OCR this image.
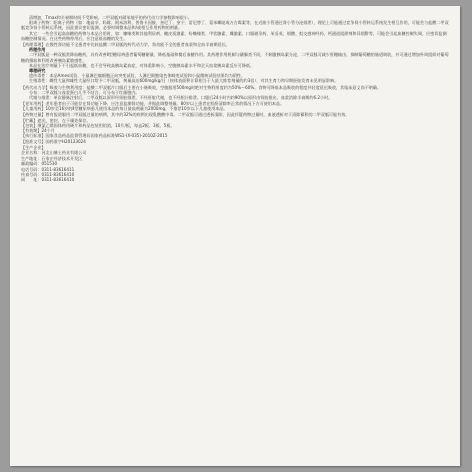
清增加，Tmax和半衰期时间不受影响，二甲双胍对硝苯地平的药代动力学参数影响很小。

阳离子药物：阳离子药物（如：地高辛、吗啡、阿米洛利、普鲁卡因胺、奎尼丁、奎宁、雷尼替丁、氨苯蝶啶或万古霉素等，在近曲小管通过肾小管分泌排泄），理论上可能通过竞争肾小管转运系统发生相互作用，可能会与盐酸二甲双胍竞争肾小管转运系统，因此建议密切监测，必要时调整本品和/或相互作用药物的剂量。

其它：一些会引起高血糖的药物与本品合用时，如：噻嗪类和其他利尿剂、糖皮质激素、吩噻嗪类、甲状腺素、雌激素、口服避孕药、苯妥英、烟酸、拟交感神经药、钙通道阻滞剂和异烟肼等，可能会引起血糖控制失调，应密切监测血糖控制情况。在这些药物停用后，应注意低血糖的发生。

【药理毒理】在慢性肾功能不全患者中比较盐酸二甲双胍的药代动力学，肾功能不全的患者血浆和全血半衰期延长。

药理作用

二甲双胍是一种双胍类降血糖药，具有改善Ⅱ型糖尿病患者葡萄糖耐量、降低基础和餐后血糖作用。其药理作用机制与磺脲类不同，不刺激胰岛素分泌，二甲双胍可减少肝糖输出，抑制葡萄糖的肠道吸收，并可通过增加外周组织对葡萄糖的摄取和利用改善胰岛素敏感性。

本品在治疗剂量下不引起低血糖，也不会导致高胰岛素血症，对体重影响小，空腹胰岛素水平和全天血浆胰岛素反应可降低。

毒理研究

遗传毒性：本品Ames试验、小鼠淋巴瘤细胞正向突变试验、人淋巴细胞染色体畸变试验和小鼠微核试验结果均为阴性。

生殖毒性：雌性大鼠和雄性大鼠经口给予二甲双胍，剂量高达600mg/kg/日（按体表面积计算相当于人最大推荐剂量的约3倍），对其生育力和早期胚胎发育未见明显影响。

【药代动力学】吸收与生物利用度：盐酸二甲双胍片口服后主要在小肠吸收，空腹服用500mg时绝对生物利用度约为50%～60%。食物可降低本品吸收的程度并轻度延迟吸收，其临床意义尚不明确。

分布：二甲双胍与血浆蛋白几乎不结合，可分布于红细胞内。

代谢与排泄：单次静脉注射后，二甲双胍以原形经肾脏排泄，不经肝脏代谢，也不经胆汁排泄。口服后24小时内约90%以原形由肾脏排出，血浆消除半衰期约6.2小时。

【老年用药】老年患者由于可能存在肾功能下降，应注意监测肾功能，并据此调整剂量。80岁以上患者在肌酐清除率正常的情况下方可使用本品。

【儿童用药】10岁至16岁的Ⅱ型糖尿病患儿使用本品的每日最高剂量为2000mg。不推荐10岁以下儿童使用本品。

【药物过量】曾有报道服用二甲双胍过量的病例，其中约32%的病例出现乳酸酸中毒。二甲双胍可通过透析清除，因此怀疑药物过量时，血液透析对于清除蓄积的二甲双胍可能有效。

【贮藏】遮光，密封，在干燥处保存。

【包装】聚氯乙烯固体药用硬片和药品包装用铝箔，10片/板，每盒2板、3板、5板。

【有效期】24个月

【执行标准】国家食品药品监督管理局国家药品标准WS1-(X-035)-2010Z-2015

【批准文号】国药准字H20123024

【生产企业】

企业名称：河北山赫士药业有限公司

生产地址：石家庄经济技术开发区

邮政编码：051530

电话号码：0311-83616411

传真号码：0311-83616410

网　　址：0311-83616410
